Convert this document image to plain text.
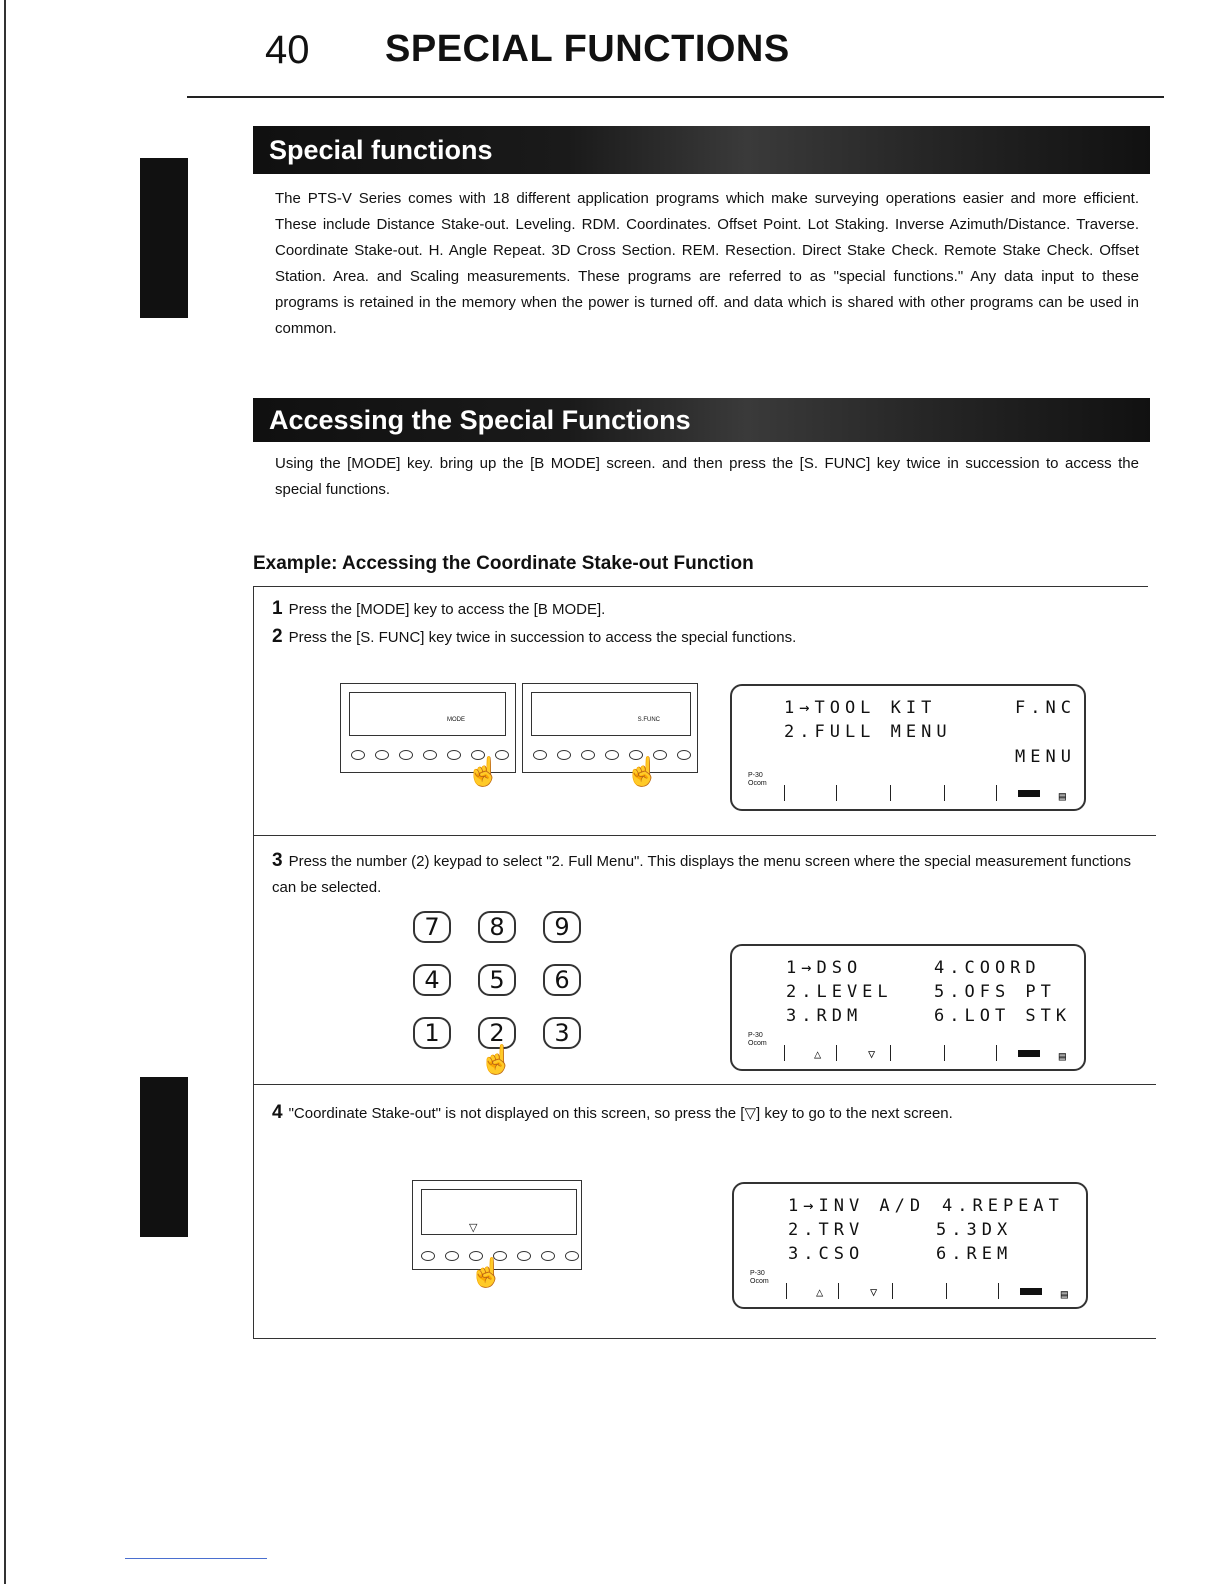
40 SPECIAL FUNCTIONS
Special functions
The PTS-V Series comes with 18 different application programs which make surveying operations easier and more efficient. These include Distance Stake-out. Leveling. RDM. Coordinates. Offset Point. Lot Staking. Inverse Azimuth/Distance. Traverse. Coordinate Stake-out. H. Angle Repeat. 3D Cross Section. REM. Resection. Direct Stake Check. Remote Stake Check. Offset Station. Area. and Scaling measurements. These programs are referred to as "special functions." Any data input to these programs is retained in the memory when the power is turned off. and data which is shared with other programs can be used in common.
Accessing the Special Functions
Using the [MODE] key. bring up the [B MODE] screen. and then press the [S. FUNC] key twice in succession to access the special functions.
Example: Accessing the Coordinate Stake-out Function
1 Press the [MODE] key to access the [B MODE].
2 Press the [S. FUNC] key twice in succession to access the special functions.
MODE
☝
S.FUNC
☝
1→TOOL KIT	F.NC
2.FULL MENU
MENU
P-30
Ocom
▤
3 Press the number (2) keypad to select "2. Full Menu". This displays the menu screen where the special measurement functions can be selected.
7	8	9
4	5	6
1	2	3
☝
1→DSO	4.COORD
2.LEVEL 5.OFS PT
3.RDM	6.LOT STK
P-30
Ocom
△	▽	▤
4 "Coordinate Stake-out" is not displayed on this screen, so press the [▽] key to go to the next screen.
▽
☝
1→INV A/D 4.REPEAT
2.TRV	5.3DX
3.CSO	6.REM
P-30
Ocom
△	▽	▤
